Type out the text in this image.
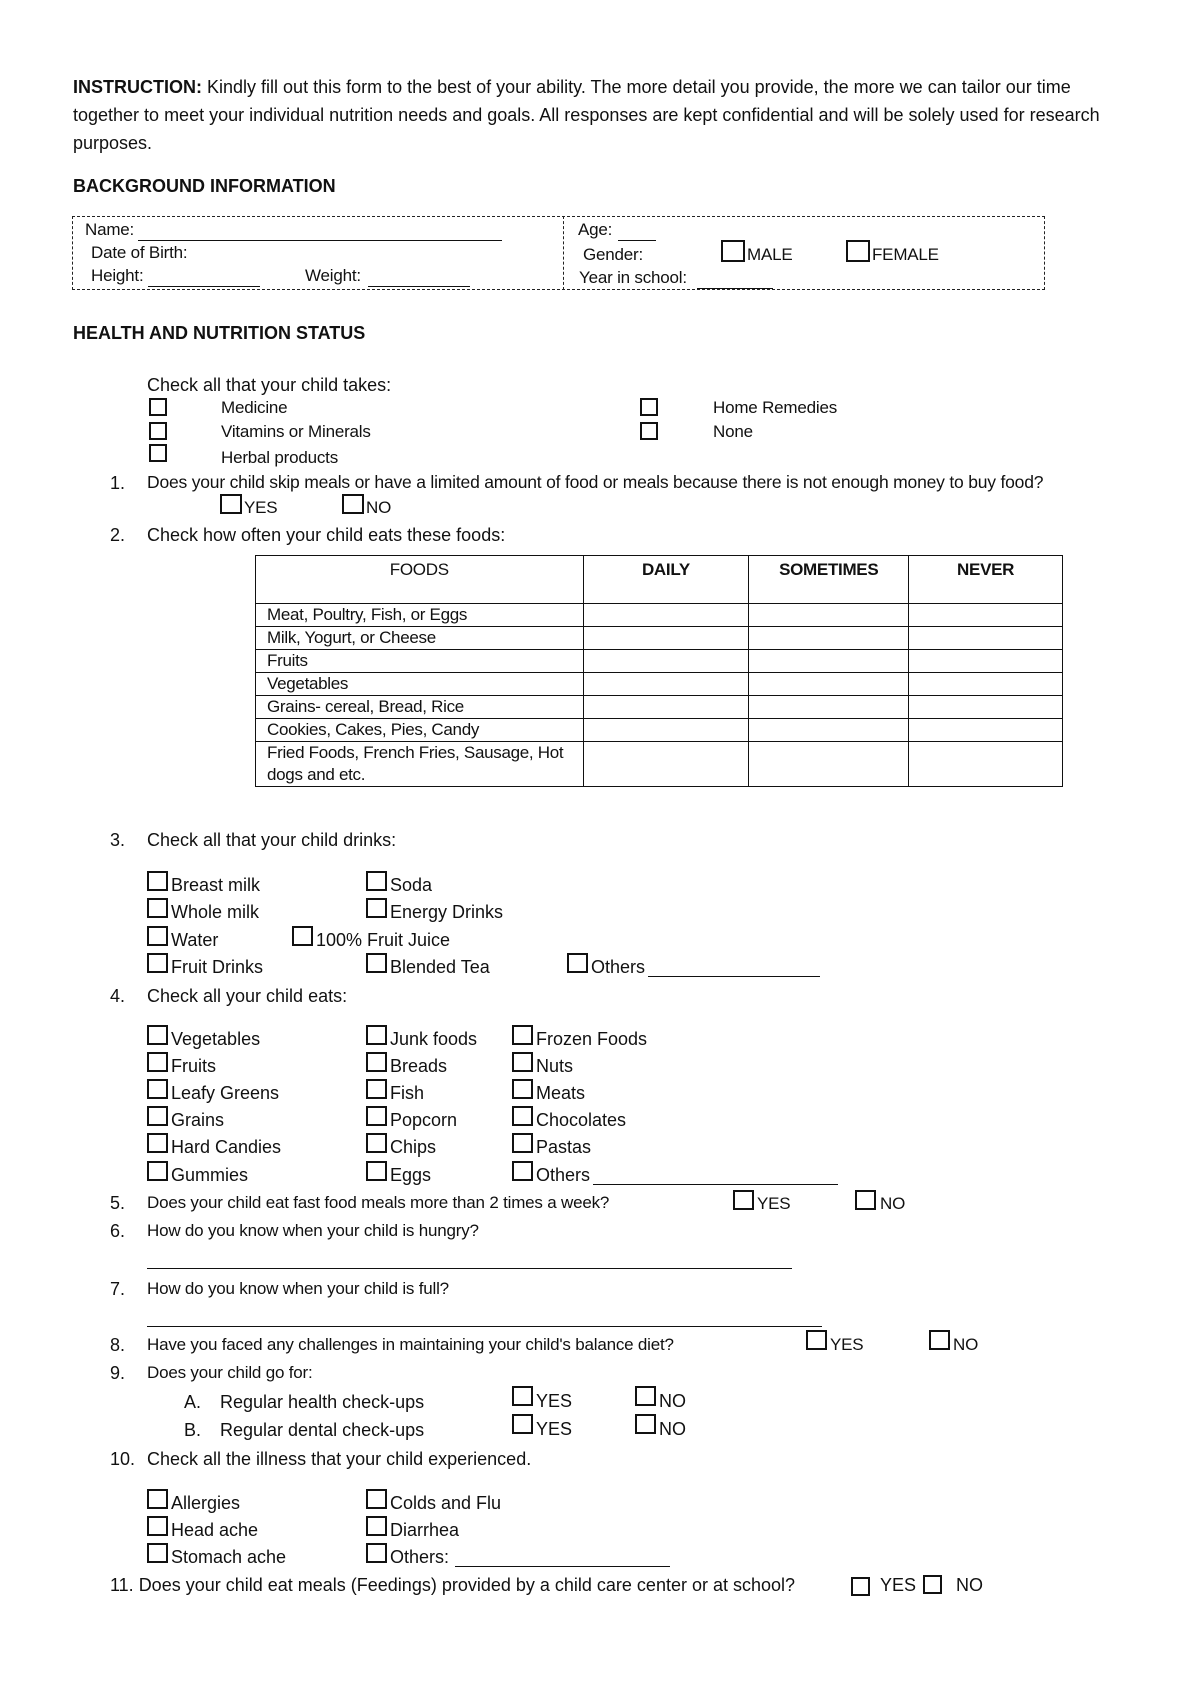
INSTRUCTION: Kindly fill out this form to the best of your ability. The more detail you provide, the more we can tailor our time
together to meet your individual nutrition needs and goals. All responses are kept confidential and will be solely used for research
purposes.
BACKGROUND INFORMATION
Name:
Date of Birth:
Height:	Weight:
Age:
Gender:	MALE	FEMALE
Year in school:
HEALTH AND NUTRITION STATUS
Check all that your child takes:
Medicine
Vitamins or Minerals
Herbal products
Home Remedies
None
1. Does your child skip meals or have a limited amount of food or meals because there is not enough money to buy food?
YES	NO
2. Check how often your child eats these foods:
FOODS	DAILY	SOMETIMES	NEVER
Meat, Poultry, Fish, or Eggs			
Milk, Yogurt, or Cheese			
Fruits			
Vegetables			
Grains- cereal, Bread, Rice			
Cookies, Cakes, Pies, Candy			
Fried Foods, French Fries, Sausage, Hot
dogs and etc.			
3. Check all that your child drinks:
Breast milk
Whole milk
Water
Fruit Drinks
Soda
Energy Drinks
100% Fruit Juice
Blended Tea	Others
4. Check all your child eats:
Vegetables
Fruits
Leafy Greens
Grains
Hard Candies
Gummies
Junk foods
Breads
Fish
Popcorn
Chips
Eggs
Frozen Foods
Nuts
Meats
Chocolates
Pastas
Others
5. Does your child eat fast food meals more than 2 times a week?	YES	NO
6. How do you know when your child is hungry?
7. How do you know when your child is full?
8. Have you faced any challenges in maintaining your child's balance diet?	YES	NO
9. Does your child go for:
A. Regular health check-ups	YES	NO
B. Regular dental check-ups	YES	NO
10. Check all the illness that your child experienced.
Allergies
Head ache
Stomach ache
Colds and Flu
Diarrhea
Others:
11. Does your child eat meals (Feedings) provided by a child care center or at school?	YES NO
